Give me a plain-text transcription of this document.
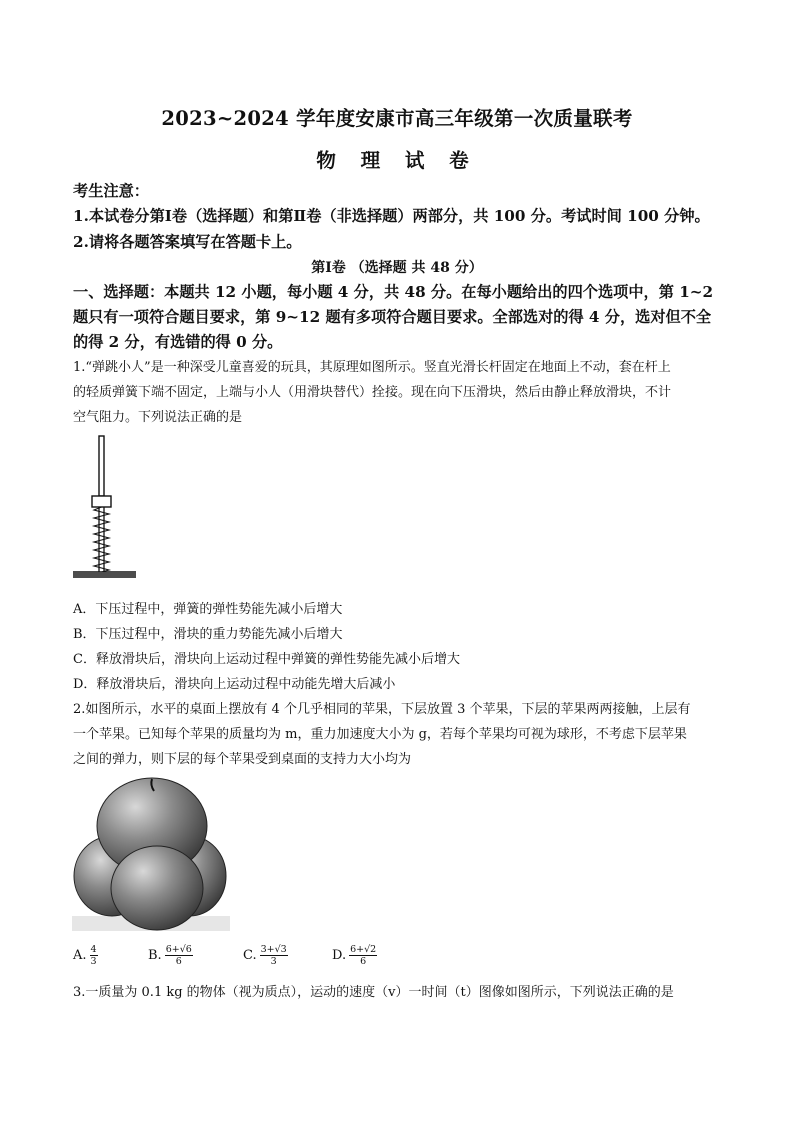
2023~2024 学年度安康市高三年级第一次质量联考
物 理 试 卷
考生注意：
1.本试卷分第Ⅰ卷（选择题）和第Ⅱ卷（非选择题）两部分，共 100 分。考试时间 100 分钟。
2.请将各题答案填写在答题卡上。
第Ⅰ卷 （选择题 共 48 分）
一、选择题：本题共 12 小题，每小题 4 分，共 48 分。在每小题给出的四个选项中，第 1~2
题只有一项符合题目要求，第 9~12 题有多项符合题目要求。全部选对的得 4 分，选对但不全
的得 2 分，有选错的得 0 分。
1.“弹跳小人”是一种深受儿童喜爱的玩具，其原理如图所示。竖直光滑长杆固定在地面上不动，套在杆上
的轻质弹簧下端不固定，上端与小人（用滑块替代）拴接。现在向下压滑块，然后由静止释放滑块，不计
空气阻力。下列说法正确的是
A．下压过程中，弹簧的弹性势能先减小后增大
B．下压过程中，滑块的重力势能先减小后增大
C．释放滑块后，滑块向上运动过程中弹簧的弹性势能先减小后增大
D．释放滑块后，滑块向上运动过程中动能先增大后减小
2.如图所示，水平的桌面上摆放有 4 个几乎相同的苹果，下层放置 3 个苹果，下层的苹果两两接触，上层有
一个苹果。已知每个苹果的质量均为 m，重力加速度大小为 g，若每个苹果均可视为球形，不考虑下层苹果
之间的弹力，则下层的每个苹果受到桌面的支持力大小均为
A. $\frac{4}{3}$	B. $\frac{6+√6}{6}$	C. $\frac{3+√3}{3}$	D. $\frac{6+√2}{6}$
3.一质量为 0.1 kg 的物体（视为质点），运动的速度（v）一时间（t）图像如图所示，下列说法正确的是
